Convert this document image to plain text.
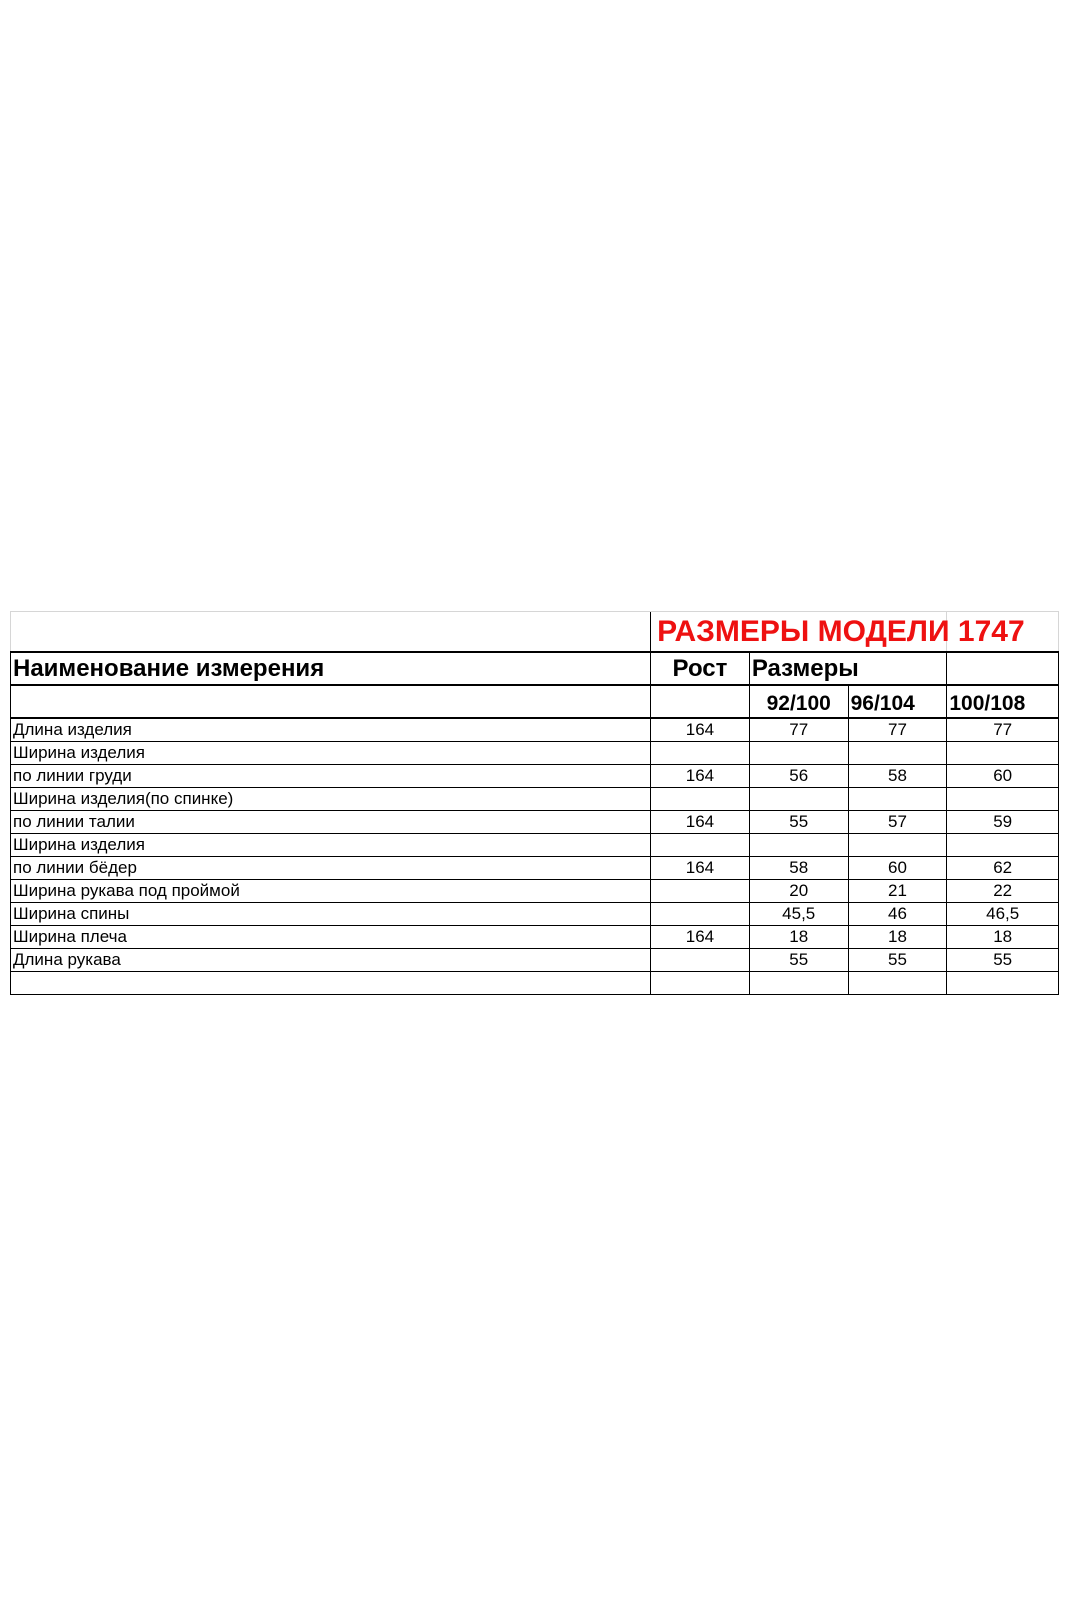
	РАЗМЕРЫ МОДЕЛИ 1747			
Наименование измерения	Рост	Размеры		
		92/100	96/104	100/108
Длина изделия	164	77	77	77
Ширина изделия				
по линии груди	164	56	58	60
Ширина изделия(по спинке)				
по линии талии	164	55	57	59
Ширина изделия				
по линии бёдер	164	58	60	62
Ширина рукава под проймой		20	21	22
Ширина спины		45,5	46	46,5
Ширина плеча	164	18	18	18
Длина рукава		55	55	55
